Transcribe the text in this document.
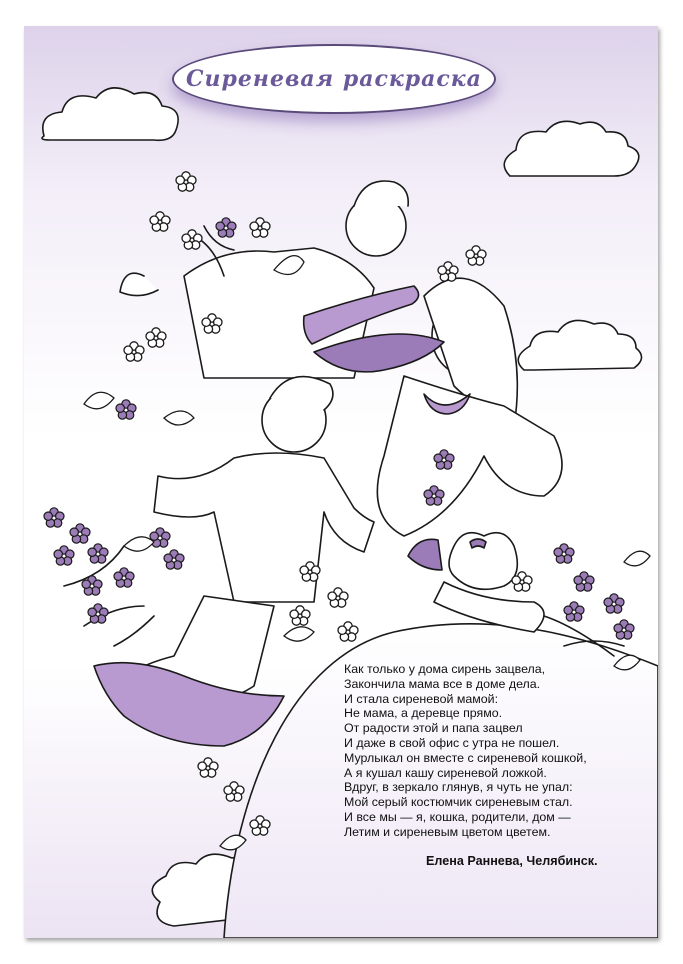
Сиреневая раскраска
Как только у дома сирень зацвела,
Закончила мама все в доме дела.
И стала сиреневой мамой:
Не мама, а деревце прямо.
От радости этой и папа зацвел
И даже в свой офис с утра не пошел.
Мурлыкал он вместе с сиреневой кошкой,
А я кушал кашу сиреневой ложкой.
Вдруг, в зеркало глянув, я чуть не упал:
Мой серый костюмчик сиреневым стал.
И все мы — я, кошка, родители, дом —
Летим и сиреневым цветом цветем.
Елена Раннева, Челябинск.
